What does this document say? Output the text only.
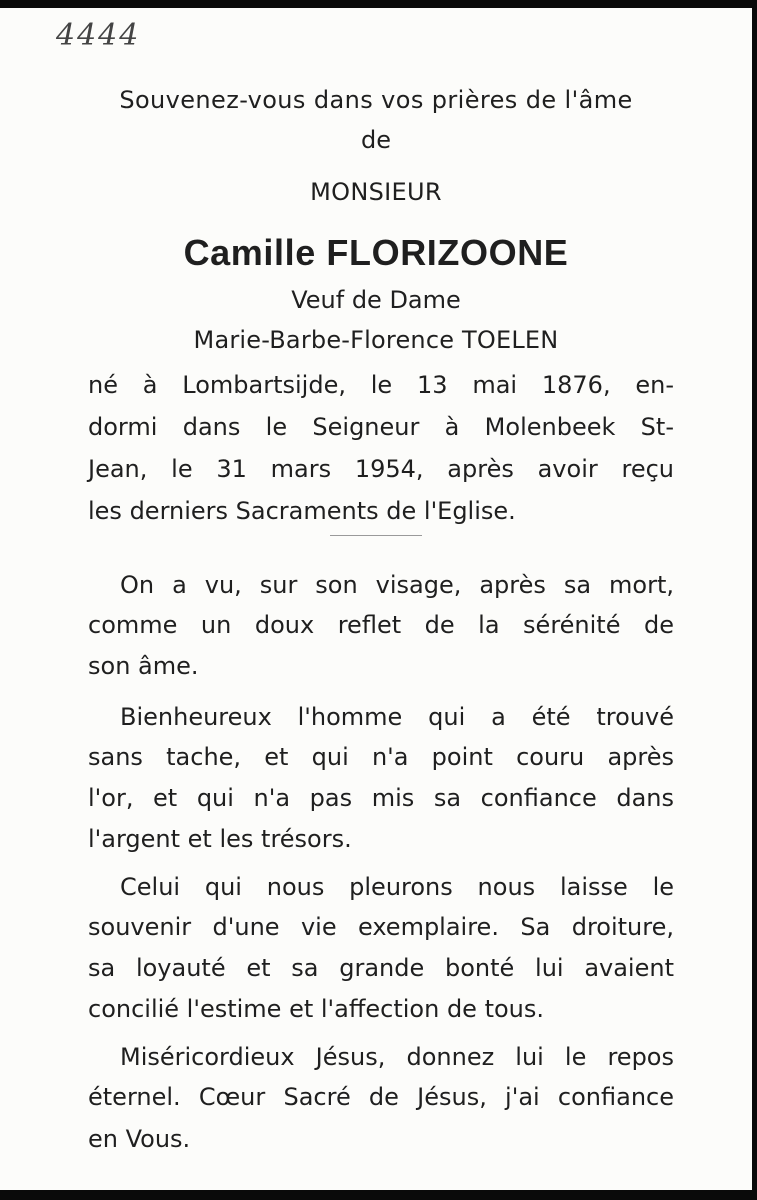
4444
Souvenez-vous dans vos prières de l'âme
de
MONSIEUR
Camille FLORIZOONE
Veuf de Dame
Marie-Barbe-Florence TOELEN
né à Lombartsijde, le 13 mai 1876, en-
dormi dans le Seigneur à Molenbeek St-
Jean, le 31 mars 1954, après avoir reçu
les derniers Sacraments de l'Eglise.
On a vu, sur son visage, après sa mort,
comme un doux reflet de la sérénité de
son âme.
Bienheureux l'homme qui a été trouvé
sans tache, et qui n'a point couru après
l'or, et qui n'a pas mis sa confiance dans
l'argent et les trésors.
Celui qui nous pleurons nous laisse le
souvenir d'une vie exemplaire. Sa droiture,
sa loyauté et sa grande bonté lui avaient
concilié l'estime et l'affection de tous.
Miséricordieux Jésus, donnez lui le repos
éternel. Cœur Sacré de Jésus, j'ai confiance
en Vous.
